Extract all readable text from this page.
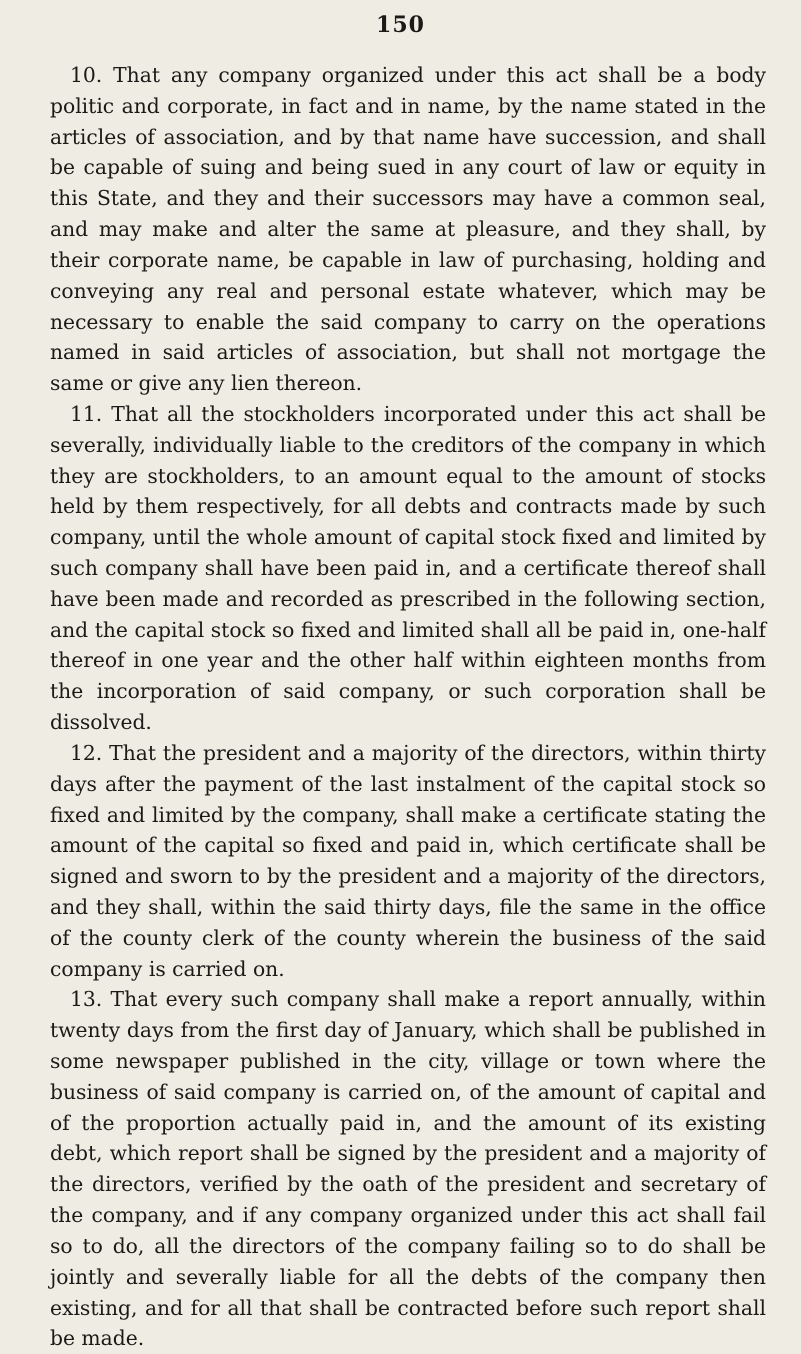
150

10. That any company organized under this act shall be a body politic and corporate, in fact and in name, by the name stated in the articles of association, and by that name have succession, and shall be capable of suing and being sued in any court of law or equity in this State, and they and their successors may have a common seal, and may make and alter the same at pleasure, and they shall, by their corporate name, be capable in law of purchasing, holding and conveying any real and personal estate whatever, which may be necessary to enable the said company to carry on the operations named in said articles of association, but shall not mortgage the same or give any lien thereon.

11. That all the stockholders incorporated under this act shall be severally, individually liable to the creditors of the company in which they are stockholders, to an amount equal to the amount of stocks held by them respectively, for all debts and contracts made by such company, until the whole amount of capital stock fixed and limited by such company shall have been paid in, and a certificate thereof shall have been made and recorded as prescribed in the following section, and the capital stock so fixed and limited shall all be paid in, one-half thereof in one year and the other half within eighteen months from the incorporation of said company, or such corporation shall be dissolved.

12. That the president and a majority of the directors, within thirty days after the payment of the last instalment of the capital stock so fixed and limited by the company, shall make a certificate stating the amount of the capital so fixed and paid in, which certificate shall be signed and sworn to by the president and a majority of the directors, and they shall, within the said thirty days, file the same in the office of the county clerk of the county wherein the business of the said company is carried on.

13. That every such company shall make a report annually, within twenty days from the first day of January, which shall be published in some newspaper published in the city, village or town where the business of said company is carried on, of the amount of capital and of the proportion actually paid in, and the amount of its existing debt, which report shall be signed by the president and a majority of the directors, verified by the oath of the president and secretary of the company, and if any company organized under this act shall fail so to do, all the directors of the company failing so to do shall be jointly and severally liable for all the debts of the company then existing, and for all that shall be contracted before such report shall be made.
